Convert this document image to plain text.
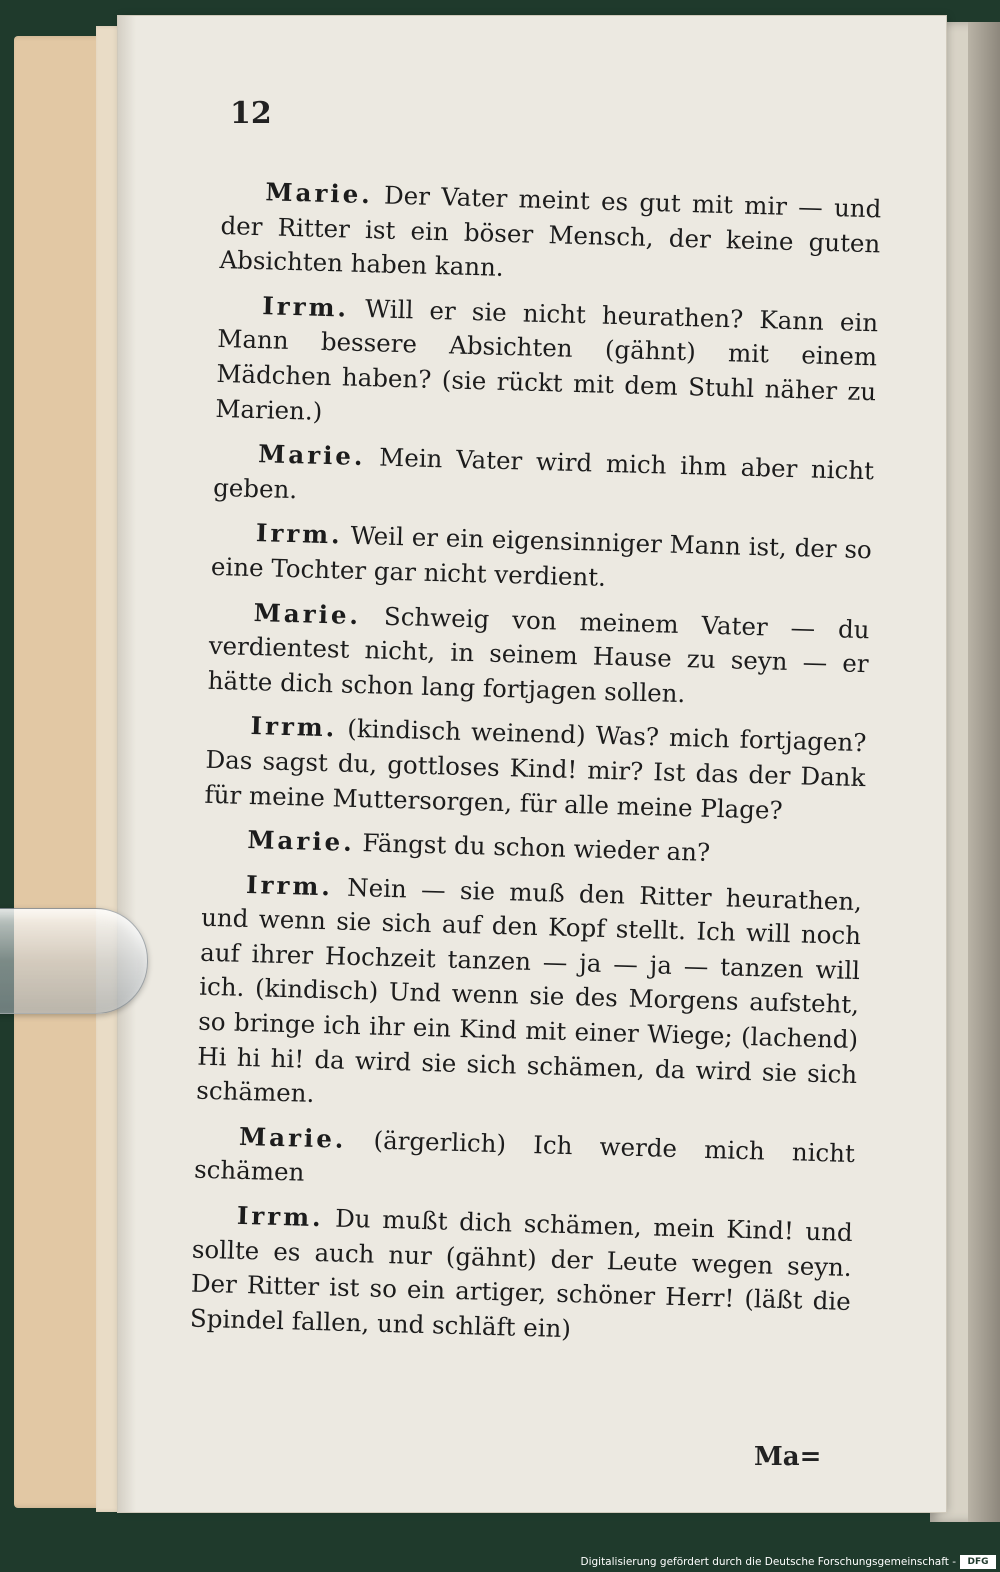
12

Marie. Der Vater meint es gut mit mir — und der Ritter ist ein böser Mensch, der keine guten Absichten haben kann.

Irrm. Will er sie nicht heurathen? Kann ein Mann bessere Absichten (gähnt) mit einem Mädchen haben? (sie rückt mit dem Stuhl näher zu Marien.)

Marie. Mein Vater wird mich ihm aber nicht geben.

Irrm. Weil er ein eigensinniger Mann ist, der so eine Tochter gar nicht verdient.

Marie. Schweig von meinem Vater — du verdientest nicht, in seinem Hause zu seyn — er hätte dich schon lang fortjagen sollen.

Irrm. (kindisch weinend) Was? mich fortjagen? Das sagst du, gottloses Kind! mir? Ist das der Dank für meine Muttersorgen, für alle meine Plage?

Marie. Fängst du schon wieder an?

Irrm. Nein — sie muß den Ritter heurathen, und wenn sie sich auf den Kopf stellt. Ich will noch auf ihrer Hochzeit tanzen — ja — ja — tanzen will ich. (kindisch) Und wenn sie des Morgens aufsteht, so bringe ich ihr ein Kind mit einer Wiege; (lachend) Hi hi hi! da wird sie sich schämen, da wird sie sich schämen.

Marie. (ärgerlich) Ich werde mich nicht schämen

Irrm. Du mußt dich schämen, mein Kind! und sollte es auch nur (gähnt) der Leute wegen seyn. Der Ritter ist so ein artiger, schöner Herr! (läßt die Spindel fallen, und schläft ein)

Ma=
Digitalisierung gefördert durch die Deutsche Forschungsgemeinschaft -	DFG
